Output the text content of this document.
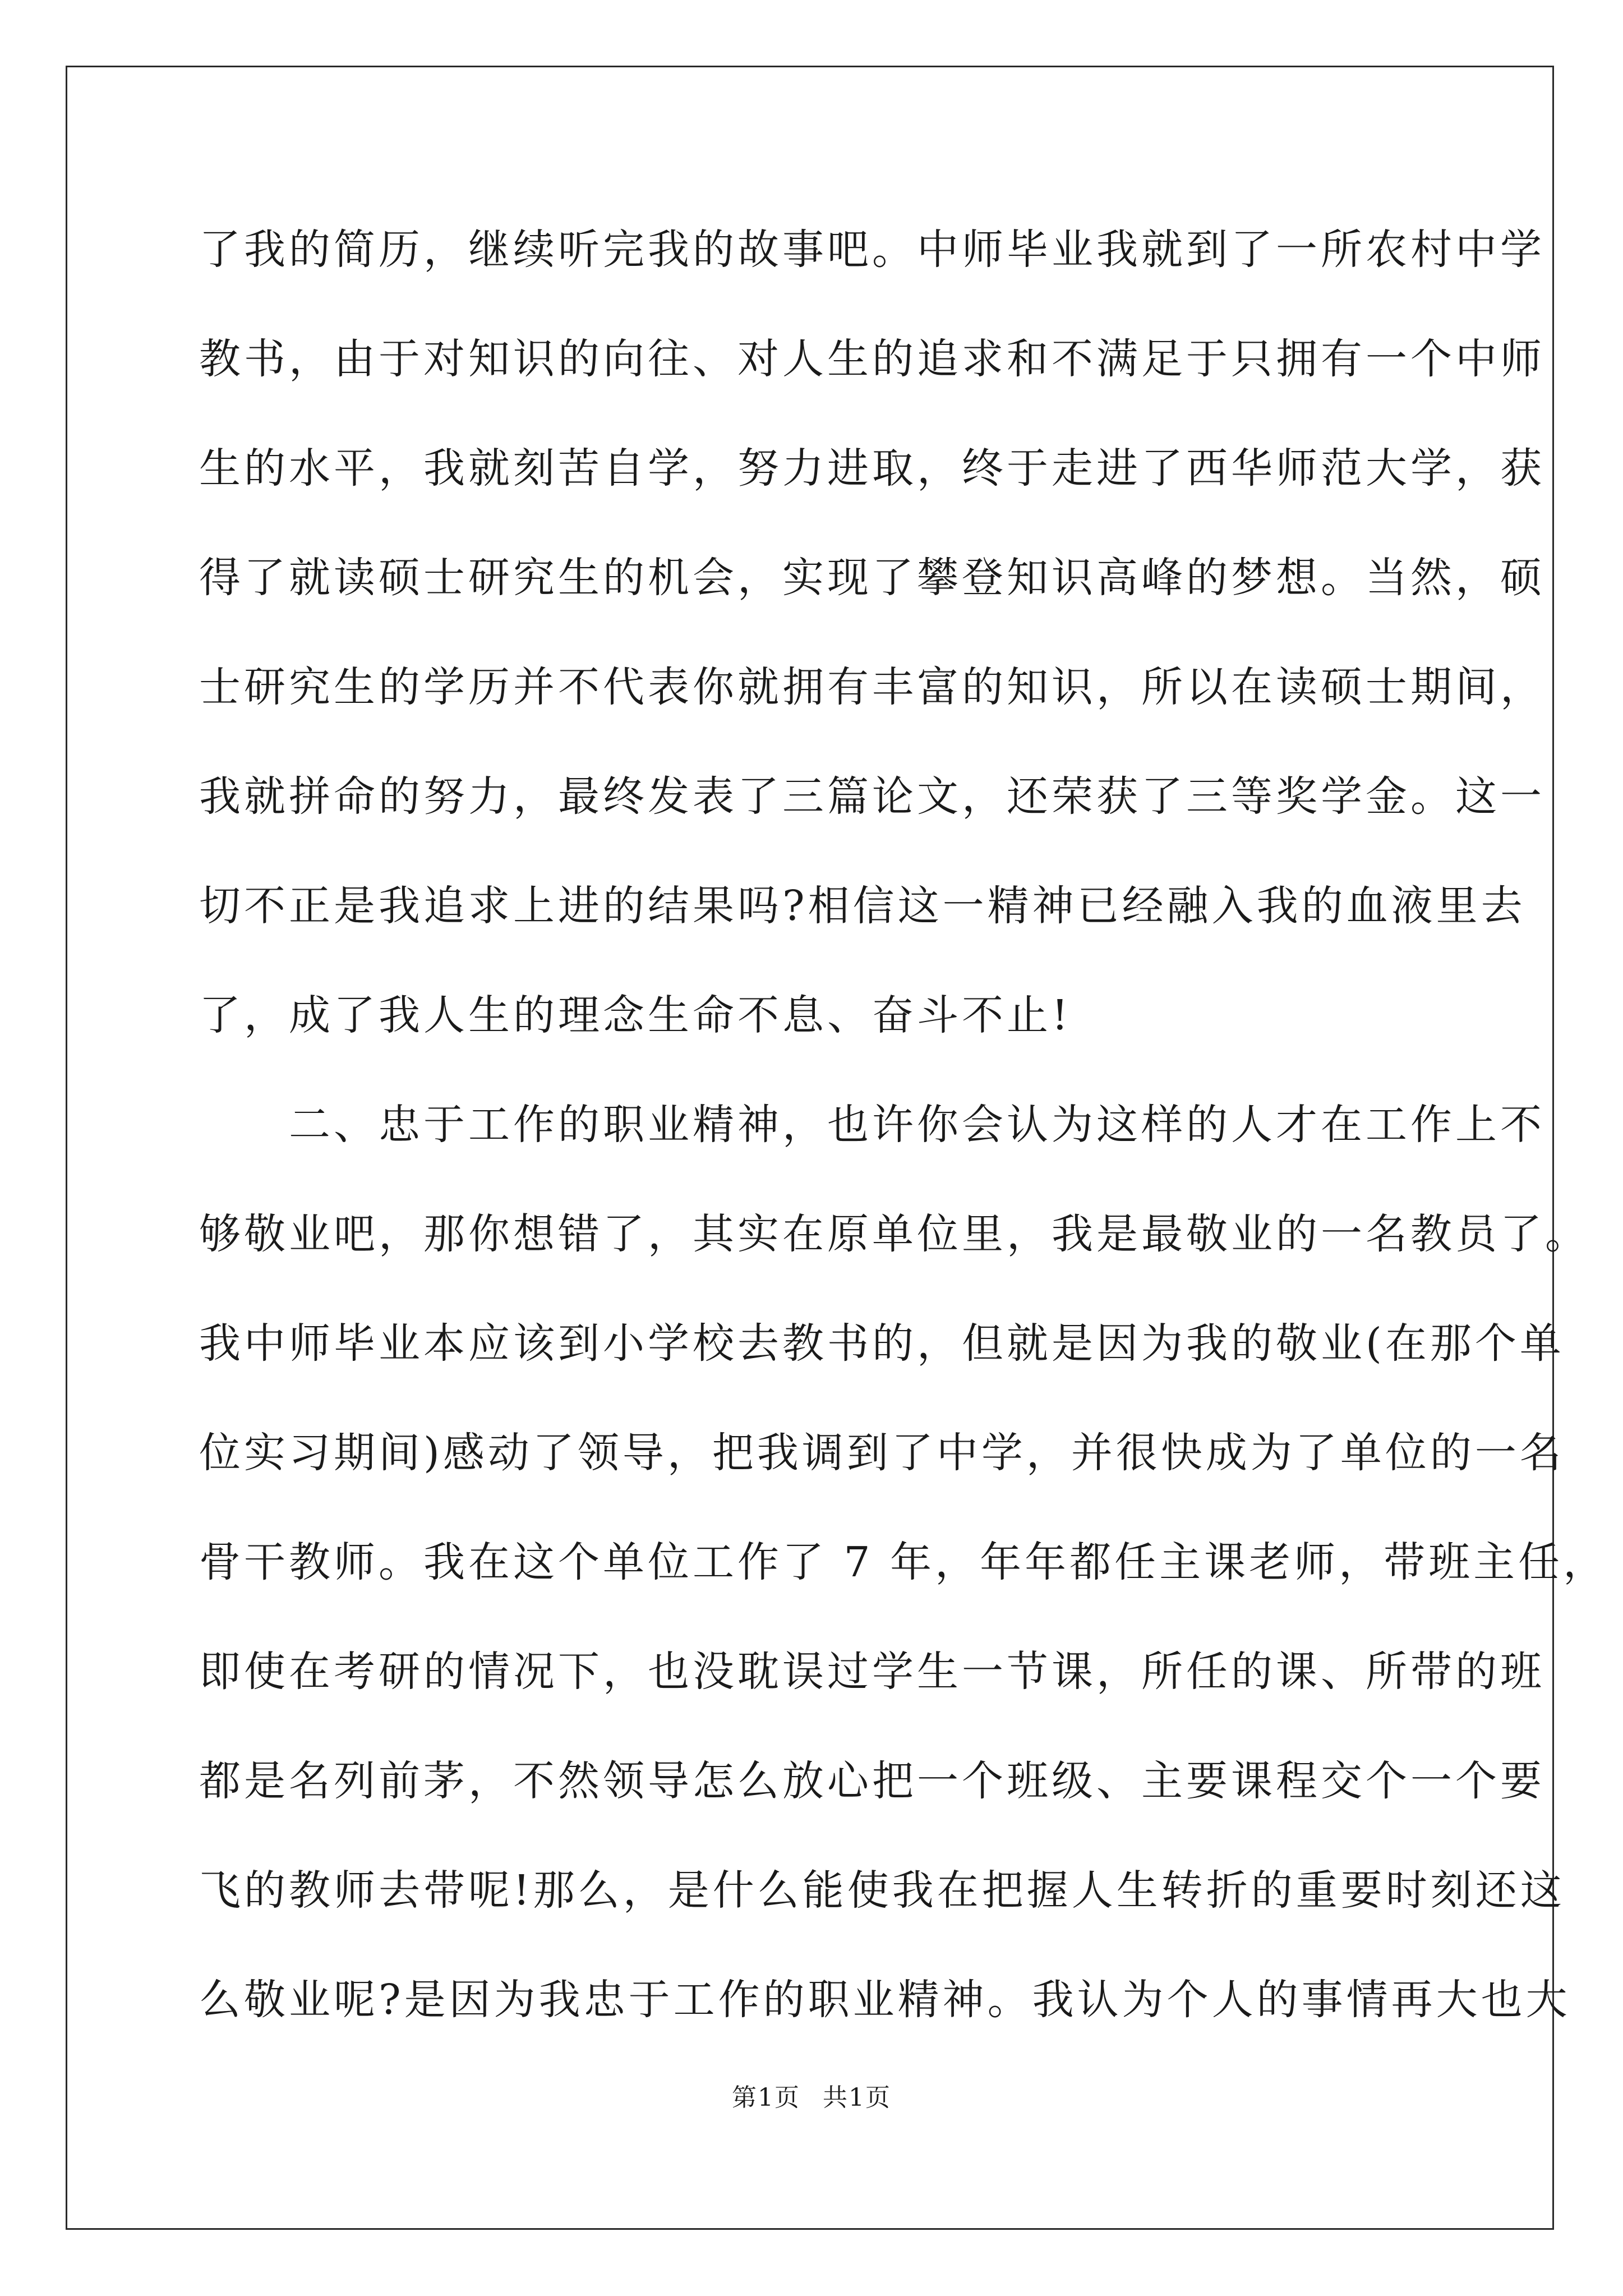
了我的简历，继续听完我的故事吧。中师毕业我就到了一所农村中学
教书，由于对知识的向往、对人生的追求和不满足于只拥有一个中师
生的水平，我就刻苦自学，努力进取，终于走进了西华师范大学，获
得了就读硕士研究生的机会，实现了攀登知识高峰的梦想。当然，硕
士研究生的学历并不代表你就拥有丰富的知识，所以在读硕士期间，
我就拼命的努力，最终发表了三篇论文，还荣获了三等奖学金。这一
切不正是我追求上进的结果吗?相信这一精神已经融入我的血液里去
了，成了我人生的理念生命不息、奋斗不止!
　　二、忠于工作的职业精神，也许你会认为这样的人才在工作上不
够敬业吧，那你想错了，其实在原单位里，我是最敬业的一名教员了。
我中师毕业本应该到小学校去教书的，但就是因为我的敬业(在那个单
位实习期间)感动了领导，把我调到了中学，并很快成为了单位的一名
骨干教师。我在这个单位工作了 7 年，年年都任主课老师，带班主任，
即使在考研的情况下，也没耽误过学生一节课，所任的课、所带的班
都是名列前茅，不然领导怎么放心把一个班级、主要课程交个一个要
飞的教师去带呢!那么，是什么能使我在把握人生转折的重要时刻还这
么敬业呢?是因为我忠于工作的职业精神。我认为个人的事情再大也大
第1页 共1页
